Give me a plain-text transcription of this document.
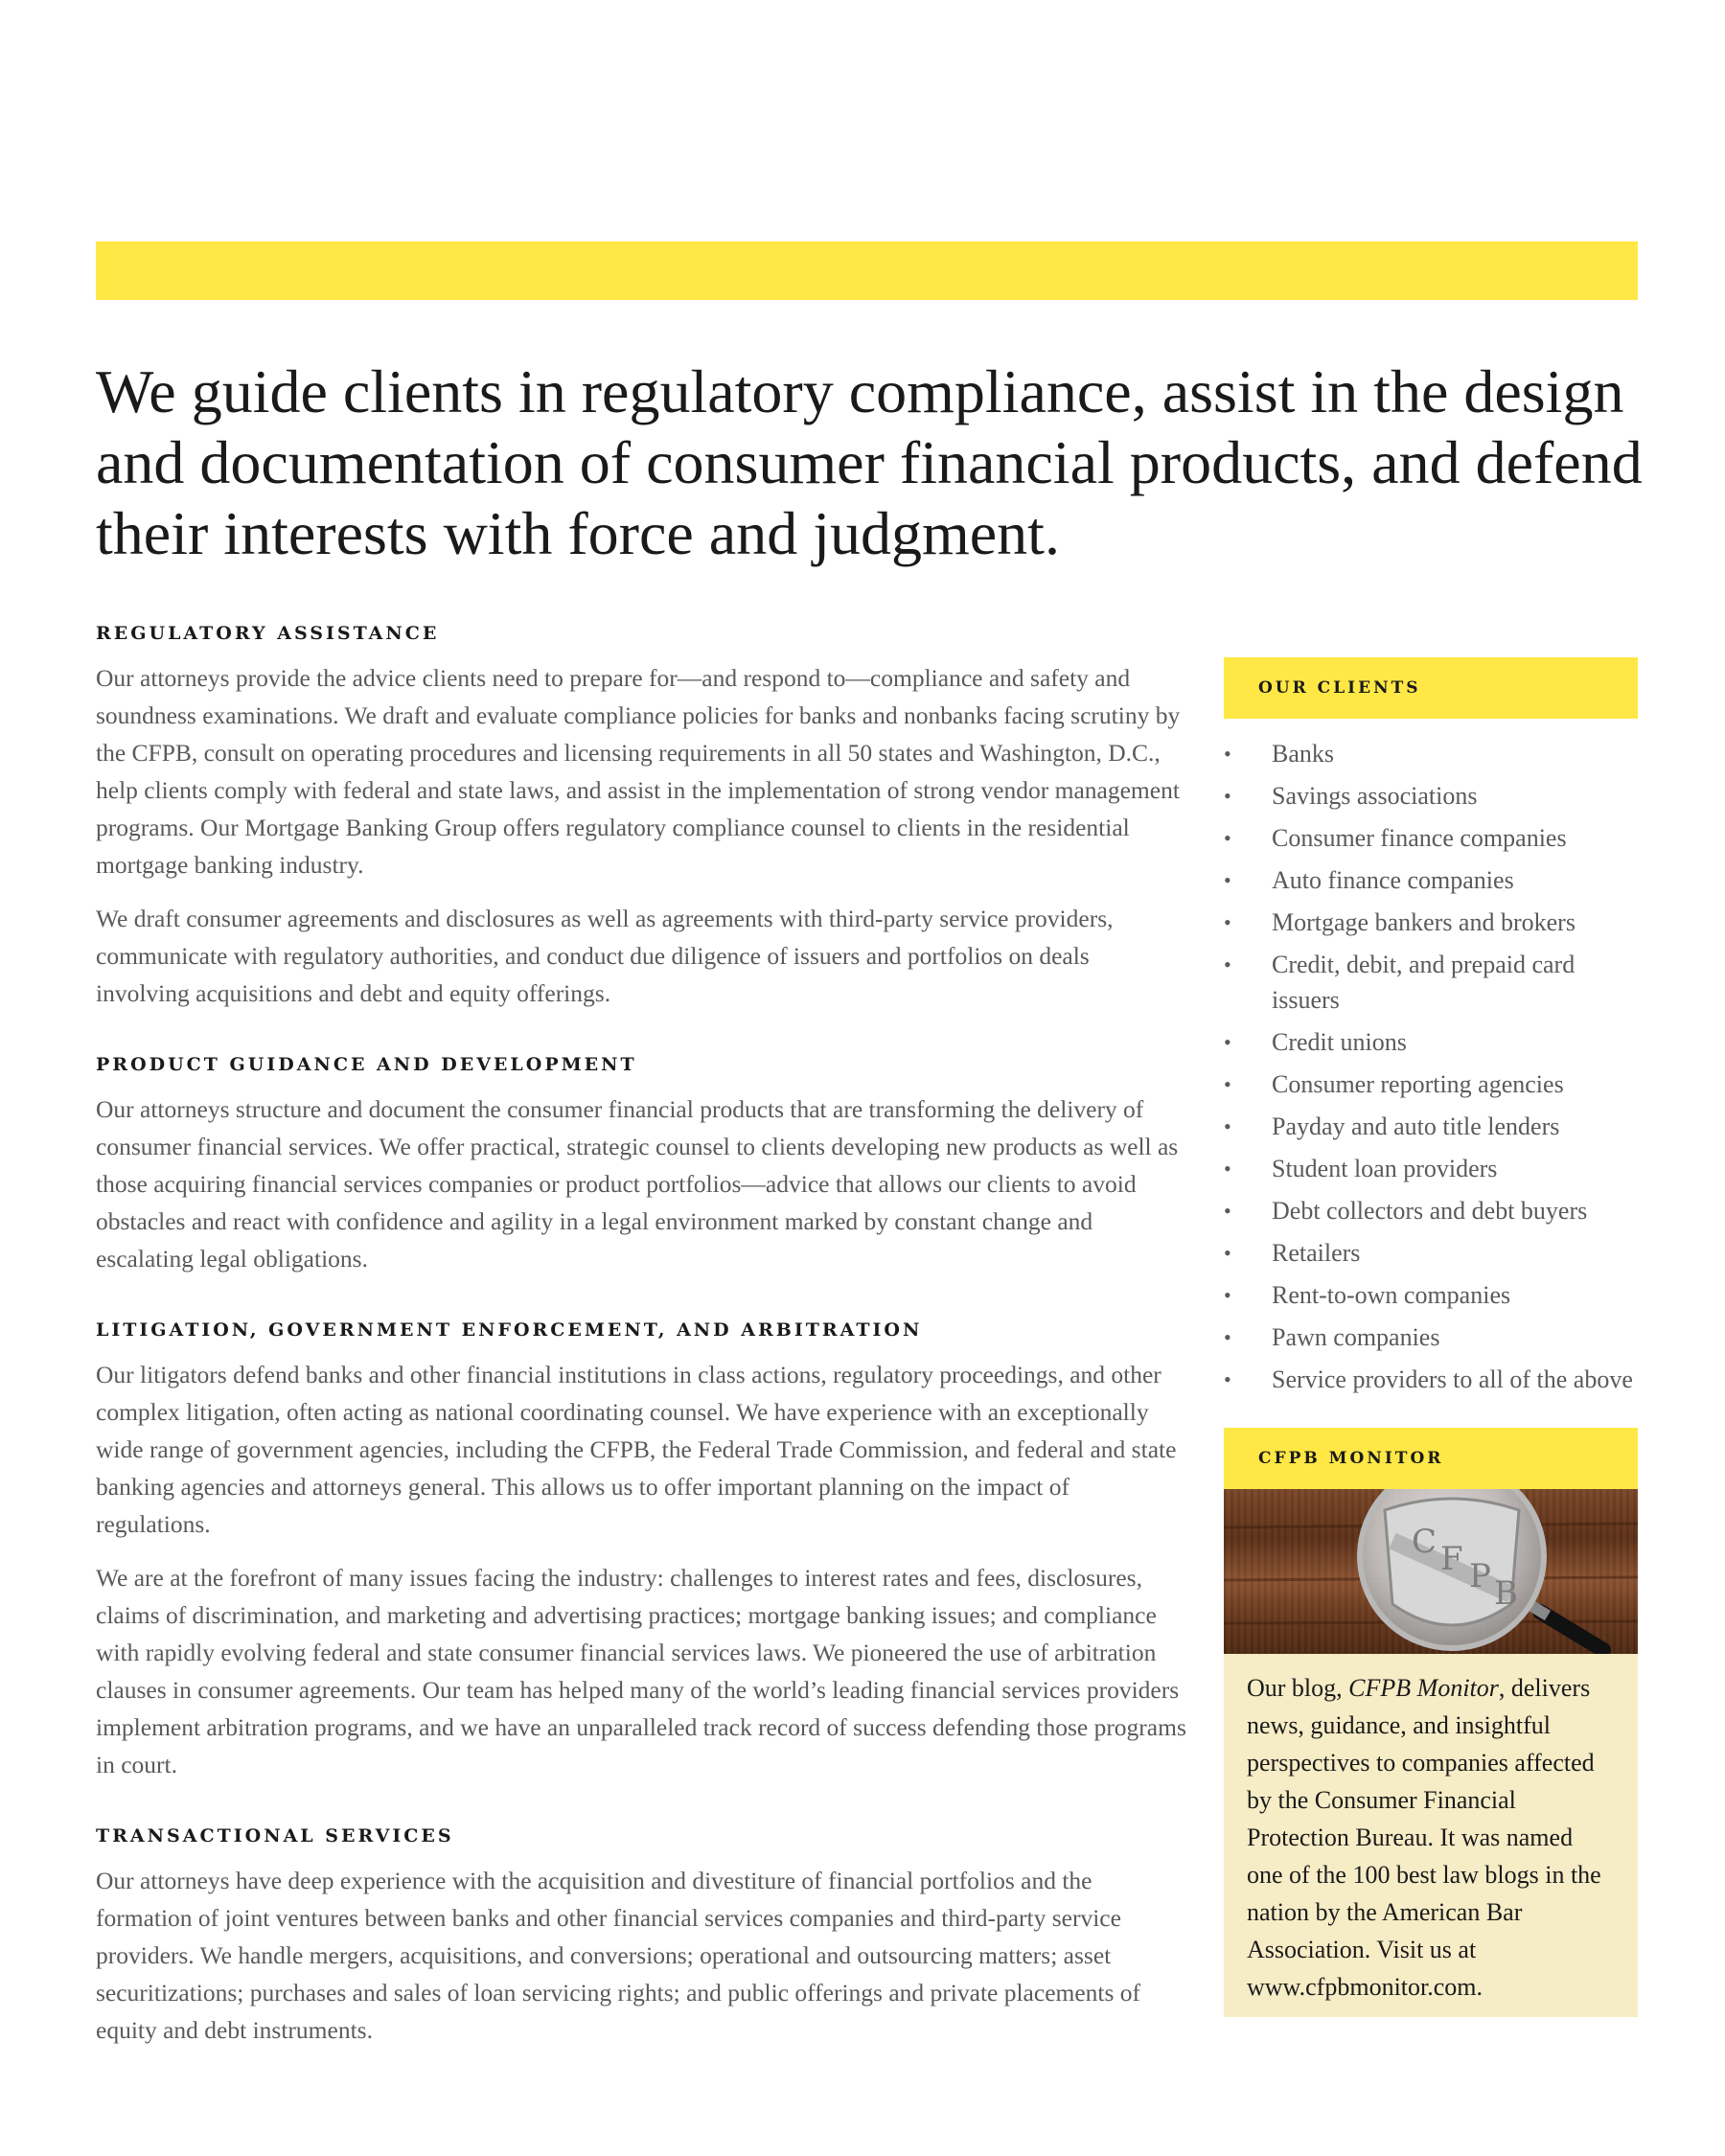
We guide clients in regulatory compliance, assist in the design and documentation of consumer financial products, and defend their interests with force and judgment.
REGULATORY ASSISTANCE

Our attorneys provide the advice clients need to prepare for—and respond to—compliance and safety and soundness examinations. We draft and evaluate compliance policies for banks and nonbanks facing scrutiny by the CFPB, consult on operating procedures and licensing requirements in all 50 states and Washington, D.C., help clients comply with federal and state laws, and assist in the implementation of strong vendor management programs. Our Mortgage Banking Group offers regulatory compliance counsel to clients in the residential mortgage banking industry.

We draft consumer agreements and disclosures as well as agreements with third-party service providers, communicate with regulatory authorities, and conduct due diligence of issuers and portfolios on deals involving acquisitions and debt and equity offerings.

PRODUCT GUIDANCE AND DEVELOPMENT

Our attorneys structure and document the consumer financial products that are transforming the delivery of consumer financial services. We offer practical, strategic counsel to clients developing new products as well as those acquiring financial services companies or product portfolios—advice that allows our clients to avoid obstacles and react with confidence and agility in a legal environment marked by constant change and escalating legal obligations.

LITIGATION, GOVERNMENT ENFORCEMENT, AND ARBITRATION

Our litigators defend banks and other financial institutions in class actions, regulatory proceedings, and other complex litigation, often acting as national coordinating counsel. We have experience with an exceptionally wide range of government agencies, including the CFPB, the Federal Trade Commission, and federal and state banking agencies and attorneys general. This allows us to offer important planning on the impact of regulations.

We are at the forefront of many issues facing the industry: challenges to interest rates and fees, disclosures, claims of discrimination, and marketing and advertising practices; mortgage banking issues; and compliance with rapidly evolving federal and state consumer financial services laws. We pioneered the use of arbitration clauses in consumer agreements. Our team has helped many of the world’s leading financial services providers implement arbitration programs, and we have an unparalleled track record of success defending those programs in court.

TRANSACTIONAL SERVICES

Our attorneys have deep experience with the acquisition and divestiture of financial portfolios and the formation of joint ventures between banks and other financial services companies and third-party service providers. We handle mergers, acquisitions, and conversions; operational and outsourcing matters; asset securitizations; purchases and sales of loan servicing rights; and public offerings and private placements of equity and debt instruments.

OUR CLIENTS
•	Banks
•	Savings associations
•	Consumer finance companies
•	Auto finance companies
•	Mortgage bankers and brokers
•	Credit, debit, and prepaid card issuers
•	Credit unions
•	Consumer reporting agencies
•	Payday and auto title lenders
•	Student loan providers
•	Debt collectors and debt buyers
•	Retailers
•	Rent-to-own companies
•	Pawn companies
•	Service providers to all of the above
CFPB MONITOR
C F P B
Our blog, CFPB Monitor, delivers news, guidance, and insightful perspectives to companies affected by the Consumer Financial Protection Bureau. It was named one of the 100 best law blogs in the nation by the American Bar Association. Visit us at www.cfpbmonitor.com.
